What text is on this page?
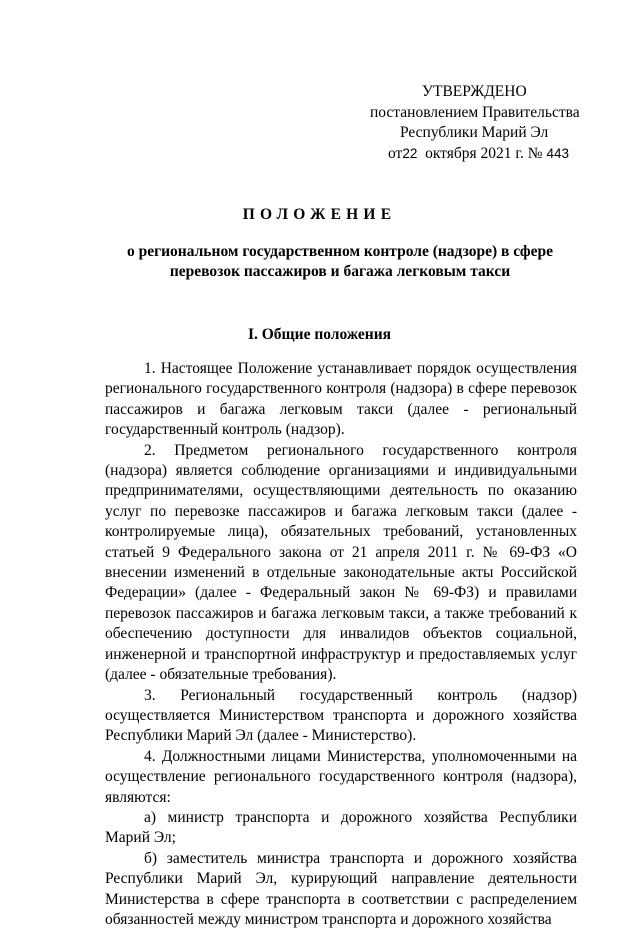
УТВЕРЖДЕНО
постановлением Правительства
Республики Марий Эл
от22 октября 2021 г. № 443
ПОЛОЖЕНИЕ
о региональном государственном контроле (надзоре) в сфере перевозок пассажиров и багажа легковым такси
I. Общие положения

1. Настоящее Положение устанавливает порядок осуществления регионального государственного контроля (надзора) в сфере перевозок пассажиров и багажа легковым такси (далее - региональный государственный контроль (надзор).

2. Предметом регионального государственного контроля (надзора) является соблюдение организациями и индивидуальными предпринимателями, осуществляющими деятельность по оказанию услуг по перевозке пассажиров и багажа легковым такси (далее - контролируемые лица), обязательных требований, установленных статьей 9 Федерального закона от 21 апреля 2011 г. № 69-ФЗ «О внесении изменений в отдельные законодательные акты Российской Федерации» (далее - Федеральный закон № 69-ФЗ) и правилами перевозок пассажиров и багажа легковым такси, а также требований к обеспечению доступности для инвалидов объектов социальной, инженерной и транспортной инфраструктур и предоставляемых услуг (далее - обязательные требования).

3. Региональный государственный контроль (надзор) осуществляется Министерством транспорта и дорожного хозяйства Республики Марий Эл (далее - Министерство).

4. Должностными лицами Министерства, уполномоченными на осуществление регионального государственного контроля (надзора), являются:

а) министр транспорта и дорожного хозяйства Республики Марий Эл;

б) заместитель министра транспорта и дорожного хозяйства Республики Марий Эл, курирующий направление деятельности Министерства в сфере транспорта в соответствии с распределением обязанностей между министром транспорта и дорожного хозяйства
